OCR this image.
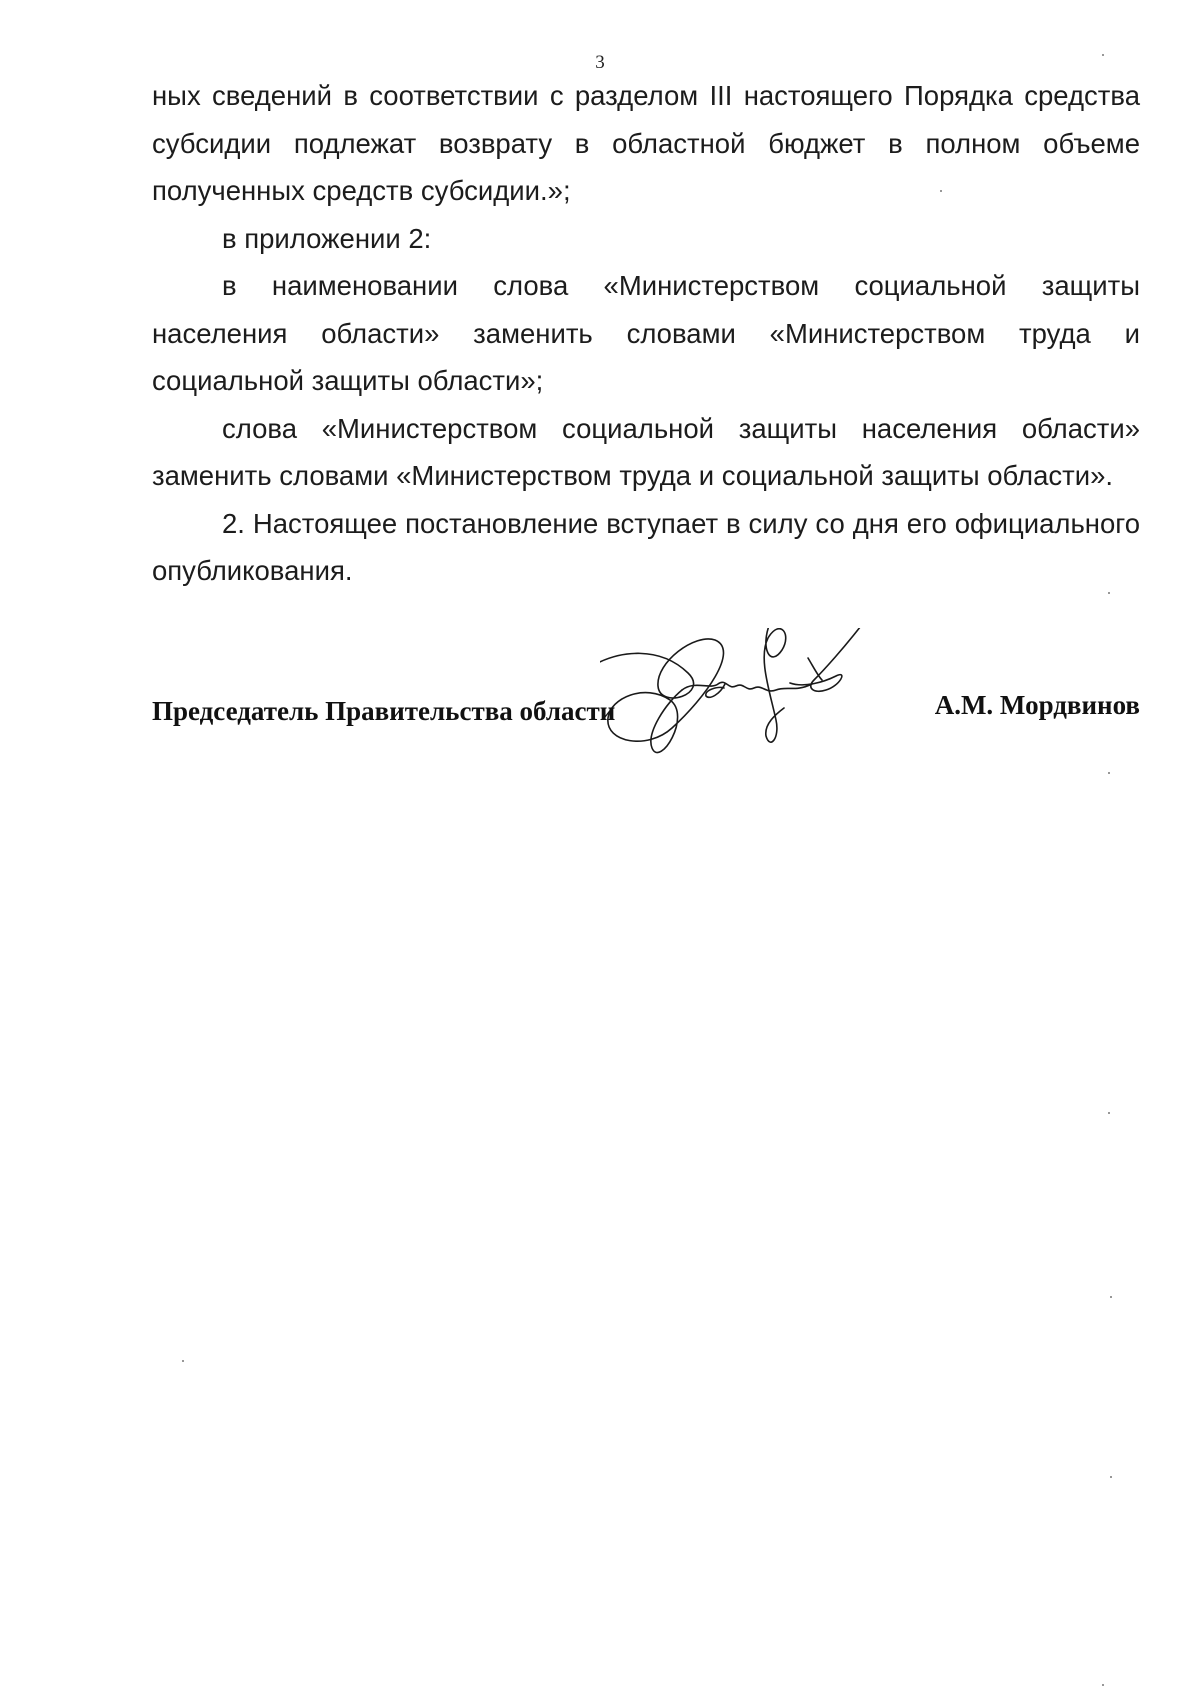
3

ных сведений в соответствии с разделом III настоящего Порядка средства субсидии подлежат возврату в областной бюджет в полном объеме полученных средств субсидии.»;

в приложении 2:

в наименовании слова «Министерством социальной защиты населения области» заменить словами «Министерством труда и социальной защиты области»;

слова «Министерством социальной защиты населения области» заменить словами «Министерством труда и социальной защиты области».

2. Настоящее постановление вступает в силу со дня его официального опубликования.

Председатель Правительства области	А.М. Мордвинов
